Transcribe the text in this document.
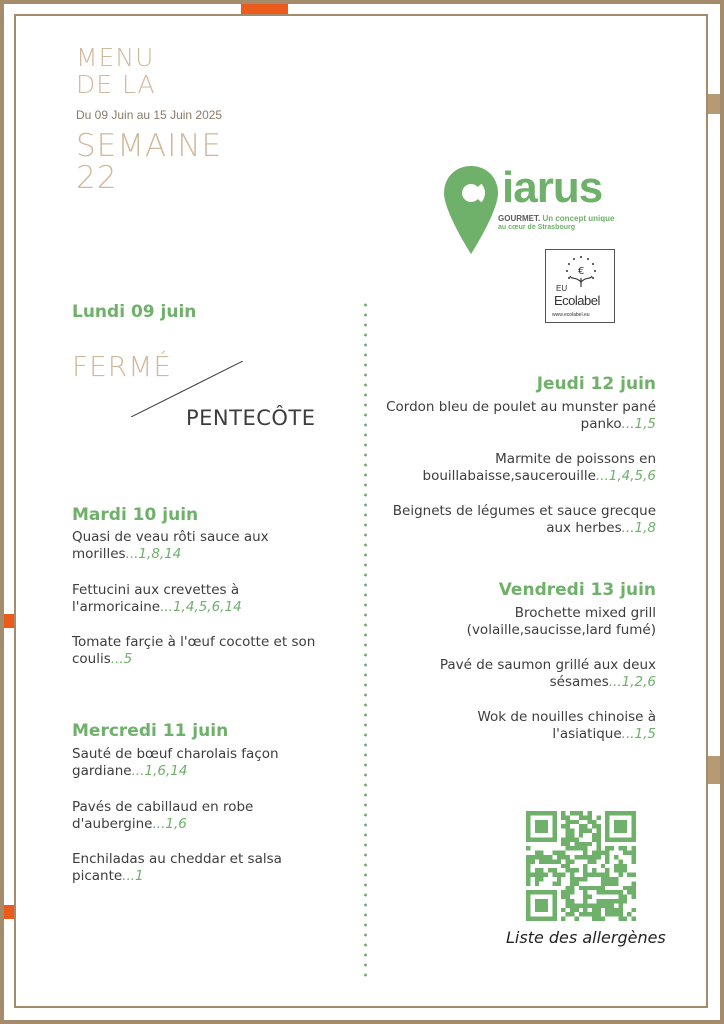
MENU
DE LA
Du 09 Juin au 15 Juin 2025
SEMAINE
22	iarus
GOURMET. Un concept unique
au cœur de Strasbourg
€
EU
Ecolabel
www.ecolabel.eu
Lundi 09 juin
FERMÉ
PENTECÔTE
Mardi 10 juin
Quasi de veau rôti sauce aux morilles...1,8,14
Fettucini aux crevettes à l'armoricaine...1,4,5,6,14
Tomate farçie à l'œuf cocotte et son coulis...5
Mercredi 11 juin
Sauté de bœuf charolais façon gardiane...1,6,14
Pavés de cabillaud en robe d'aubergine...1,6
Enchiladas au cheddar et salsa picante...1
Jeudi 12 juin
Cordon bleu de poulet au munster pané panko...1,5
Marmite de poissons en bouillabaisse,saucerouille...1,4,5,6
Beignets de légumes et sauce grecque aux herbes...1,8
Vendredi 13 juin
Brochette mixed grill (volaille,saucisse,lard fumé)
Pavé de saumon grillé aux deux sésames...1,2,6
Wok de nouilles chinoise à l'asiatique...1,5
Liste des allergènes
